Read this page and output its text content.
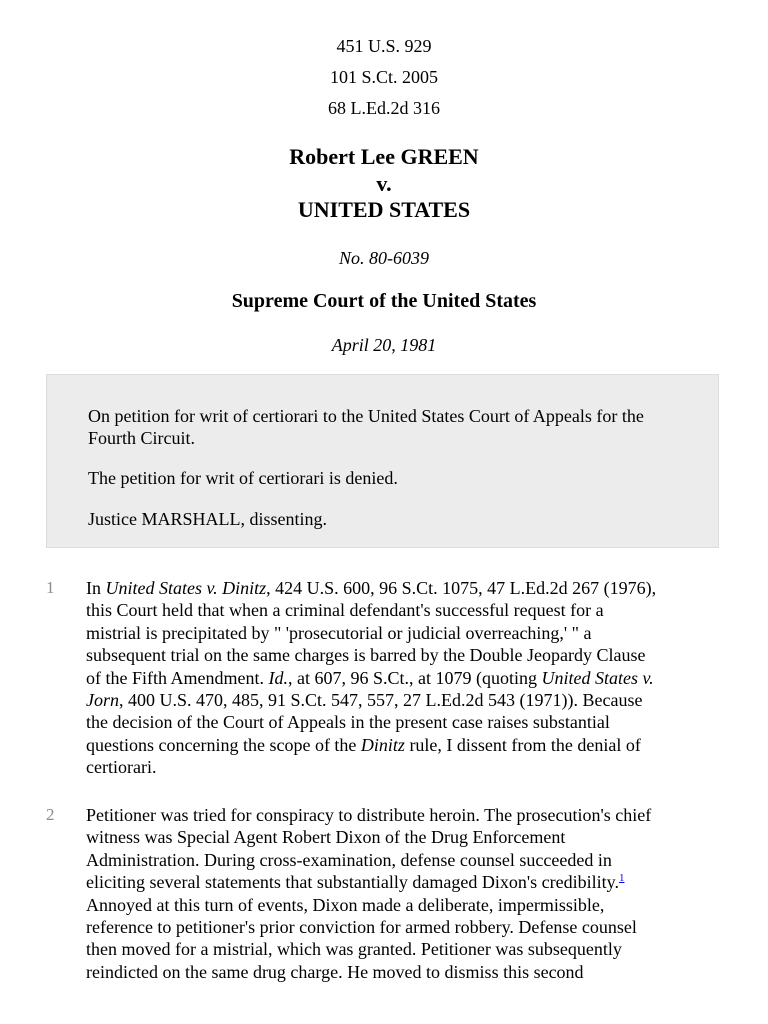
451 U.S. 929
101 S.Ct. 2005
68 L.Ed.2d 316
Robert Lee GREEN
v.
UNITED STATES
No. 80-6039
Supreme Court of the United States
April 20, 1981

On petition for writ of certiorari to the United States Court of Appeals for the Fourth Circuit.

The petition for writ of certiorari is denied.

Justice MARSHALL, dissenting.

1 In United States v. Dinitz, 424 U.S. 600, 96 S.Ct. 1075, 47 L.Ed.2d 267 (1976),
this Court held that when a criminal defendant's successful request for a
mistrial is precipitated by " 'prosecutorial or judicial overreaching,' " a
subsequent trial on the same charges is barred by the Double Jeopardy Clause
of the Fifth Amendment. Id., at 607, 96 S.Ct., at 1079 (quoting United States v.
Jorn, 400 U.S. 470, 485, 91 S.Ct. 547, 557, 27 L.Ed.2d 543 (1971)). Because
the decision of the Court of Appeals in the present case raises substantial
questions concerning the scope of the Dinitz rule, I dissent from the denial of
certiorari.

2 Petitioner was tried for conspiracy to distribute heroin. The prosecution's chief
witness was Special Agent Robert Dixon of the Drug Enforcement
Administration. During cross-examination, defense counsel succeeded in
eliciting several statements that substantially damaged Dixon's credibility.$^1$
Annoyed at this turn of events, Dixon made a deliberate, impermissible,
reference to petitioner's prior conviction for armed robbery. Defense counsel
then moved for a mistrial, which was granted. Petitioner was subsequently
reindicted on the same drug charge. He moved to dismiss this second
